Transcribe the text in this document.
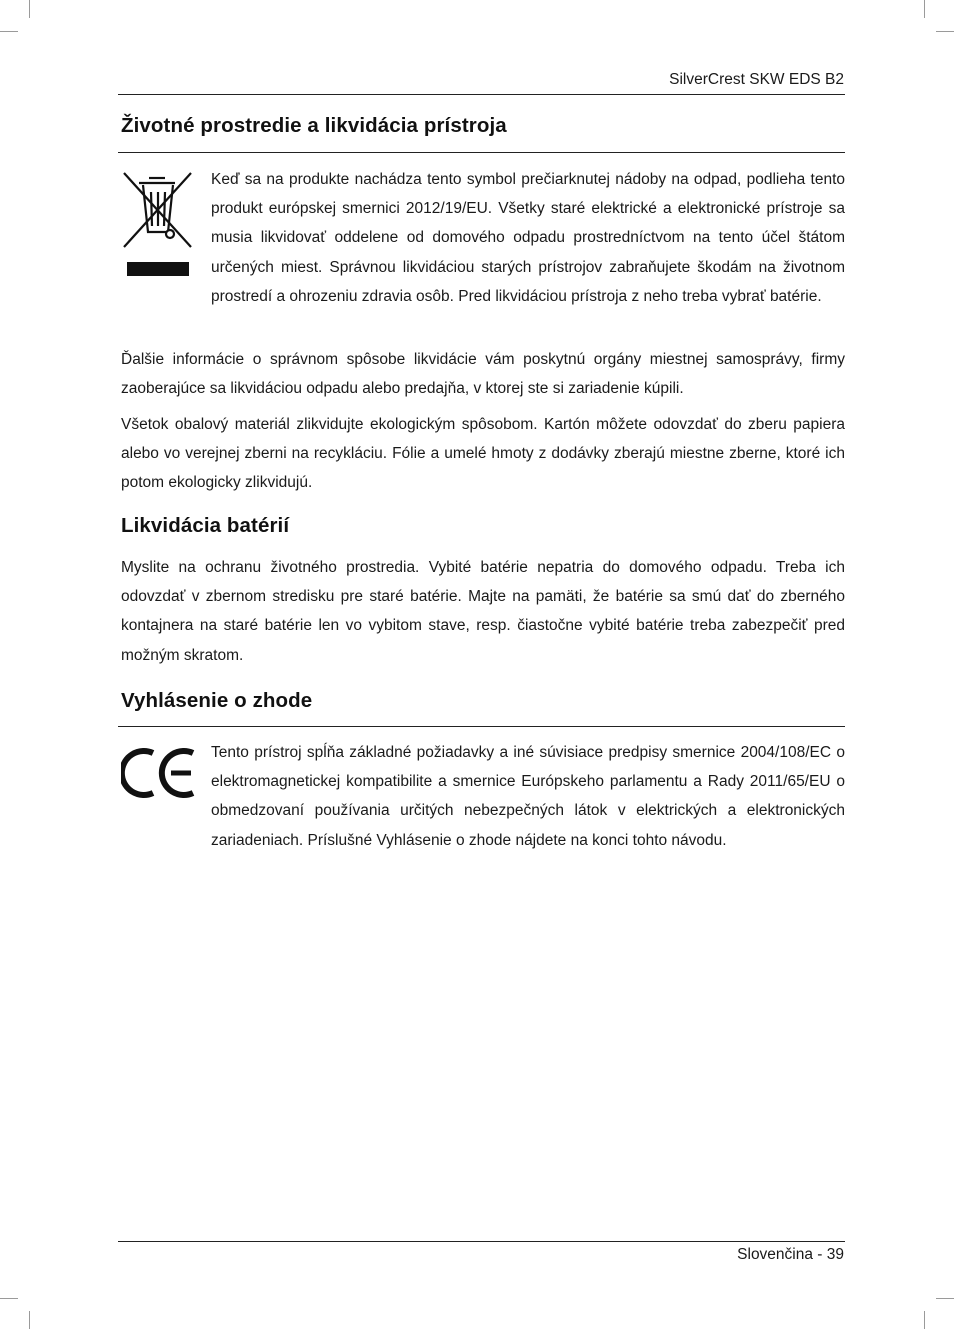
SilverCrest SKW EDS B2
Životné prostredie a likvidácia prístroja

Keď sa na produkte nachádza tento symbol prečiarknutej nádoby na odpad, podlieha tento produkt európskej smernici 2012/19/EU. Všetky staré elektrické a elektronické prístroje sa musia likvidovať oddelene od domového odpadu prostredníctvom na tento účel štátom určených miest. Správnou likvidáciou starých prístrojov zabraňujete škodám na životnom prostredí a ohrozeniu zdravia osôb. Pred likvidáciou prístroja z neho treba vybrať batérie.

Ďalšie informácie o správnom spôsobe likvidácie vám poskytnú orgány miestnej samosprávy, firmy zaoberajúce sa likvidáciou odpadu alebo predajňa, v ktorej ste si zariadenie kúpili.

Všetok obalový materiál zlikvidujte ekologickým spôsobom. Kartón môžete odovzdať do zberu papiera alebo vo verejnej zberni na recykláciu. Fólie a umelé hmoty z dodávky zberajú miestne zberne, ktoré ich potom ekologicky zlikvidujú.

Likvidácia batérií

Myslite na ochranu životného prostredia. Vybité batérie nepatria do domového odpadu. Treba ich odovzdať v zbernom stredisku pre staré batérie. Majte na pamäti, že batérie sa smú dať do zberného kontajnera na staré batérie len vo vybitom stave, resp. čiastočne vybité batérie treba zabezpečiť pred možným skratom.

Vyhlásenie o zhode

Tento prístroj spĺňa základné požiadavky a iné súvisiace predpisy smernice 2004/108/EC o elektromagnetickej kompatibilite a smernice Európskeho parlamentu a Rady 2011/65/EU o obmedzovaní používania určitých nebezpečných látok v elektrických a elektronických zariadeniach. Príslušné Vyhlásenie o zhode nájdete na konci tohto návodu.

Slovenčina - 39
